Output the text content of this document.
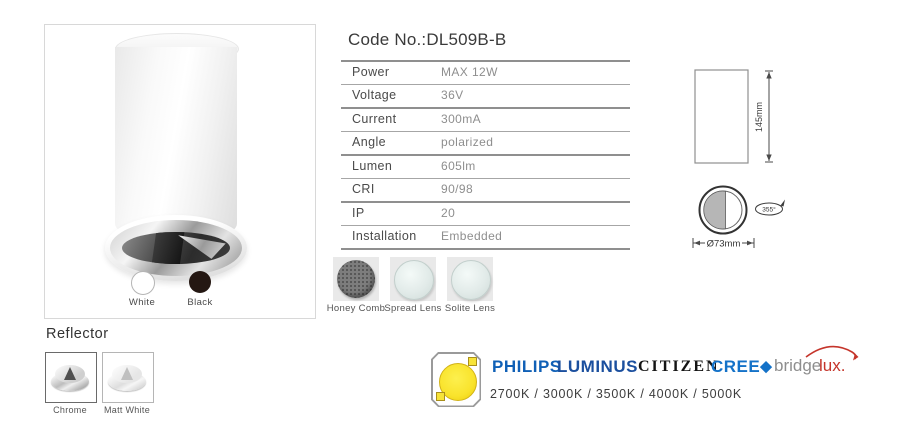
White	Black
Code No.:DL509B-B
Power	MAX 12W
Voltage	36V
Current	300mA
Angle	polarized
Lumen	605lm
CRI	90/98
IP	20
Installation	Embedded
Honey Comb Spread Lens Solite Lens
145mm
355°
Ø73mm
Reflector
Chrome	Matt White
PHILIPS
LUMINUS CITIZEN
CREE◆ bridge
lux.
2700K / 3000K / 3500K / 4000K / 5000K
